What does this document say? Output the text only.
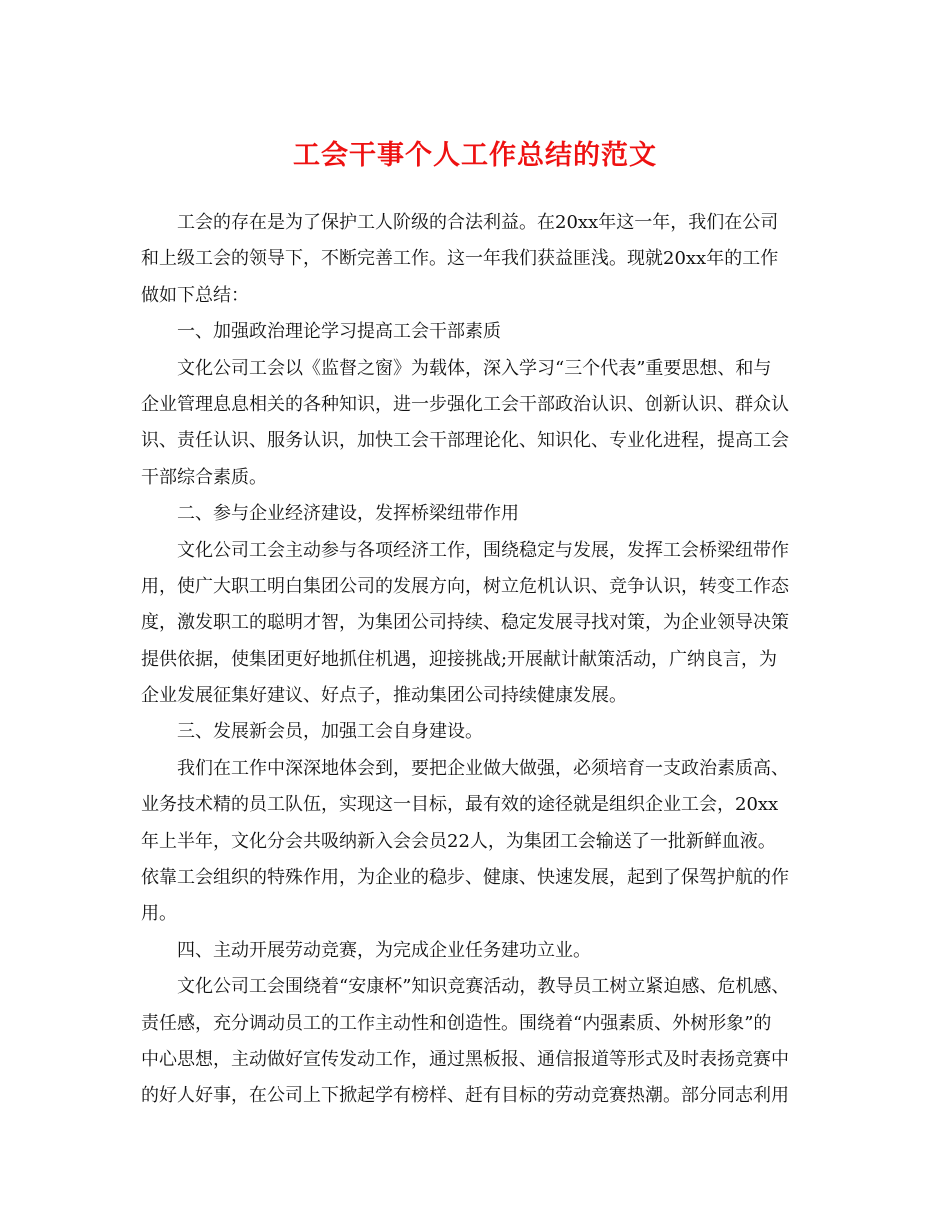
工会干事个人工作总结的范文
工会的存在是为了保护工人阶级的合法利益。在20xx年这一年，我们在公司
和上级工会的领导下，不断完善工作。这一年我们获益匪浅。现就20xx年的工作
做如下总结：
一、加强政治理论学习提高工会干部素质
文化公司工会以《监督之窗》为载体，深入学习“三个代表”重要思想、和与
企业管理息息相关的各种知识，进一步强化工会干部政治认识、创新认识、群众认
识、责任认识、服务认识，加快工会干部理论化、知识化、专业化进程，提高工会
干部综合素质。
二、参与企业经济建设，发挥桥梁纽带作用
文化公司工会主动参与各项经济工作，围绕稳定与发展，发挥工会桥梁纽带作
用，使广大职工明白集团公司的发展方向，树立危机认识、竞争认识，转变工作态
度，激发职工的聪明才智，为集团公司持续、稳定发展寻找对策，为企业领导决策
提供依据，使集团更好地抓住机遇，迎接挑战;开展献计献策活动，广纳良言，为
企业发展征集好建议、好点子，推动集团公司持续健康发展。
三、发展新会员，加强工会自身建设。
我们在工作中深深地体会到，要把企业做大做强，必须培育一支政治素质高、
业务技术精的员工队伍，实现这一目标，最有效的途径就是组织企业工会，20xx
年上半年，文化分会共吸纳新入会会员22人，为集团工会输送了一批新鲜血液。
依靠工会组织的特殊作用，为企业的稳步、健康、快速发展，起到了保驾护航的作
用。
四、主动开展劳动竞赛，为完成企业任务建功立业。
文化公司工会围绕着“安康杯”知识竞赛活动，教导员工树立紧迫感、危机感、
责任感，充分调动员工的工作主动性和创造性。围绕着“内强素质、外树形象”的
中心思想，主动做好宣传发动工作，通过黑板报、通信报道等形式及时表扬竞赛中
的好人好事，在公司上下掀起学有榜样、赶有目标的劳动竞赛热潮。部分同志利用
